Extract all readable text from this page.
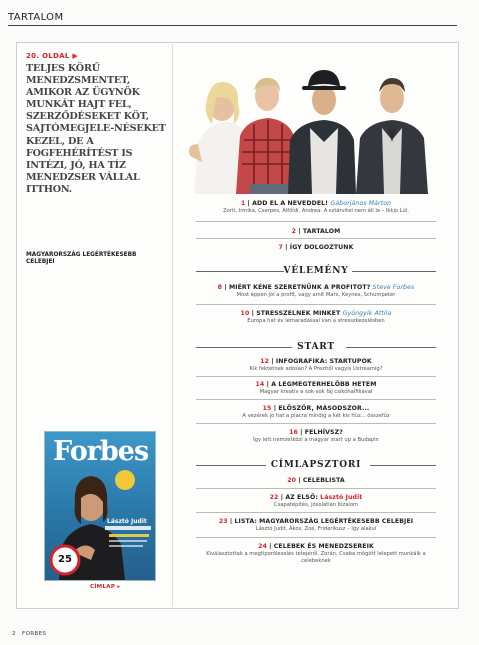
TARTALOM
20. OLDAL ▶
TELJES KÖRŰ MENEDZSMENTET, AMIKOR AZ ÜGYNÖK MUNKÁT HAJT FEL, SZERZŐDÉSEKET KÖT, SAJTÓMEGJELE-NÉSEKET KEZEL, DE A FOGFEHÉRÍTÉST IS INTÉZI, JÓ, HA TÍZ MENEDZSER VÁLLAL ITTHON.
MAGYARORSZÁG LEGÉRTÉKESEBB CELEBJEI
Forbes
Lásztó Judit
25
CÍMLAP ▸
1 | ADD EL A NEVEDDEL! Gáborjános Márton
Zorit, Irmika, Cserpes, Alföldi, Andrea: A sztárvitel nem áll le – Ikkjo Lúl.
2 | TARTALOM
7 | ÍGY DOLGOZTUNK
VÉLEMÉNY
8 | MIÉRT KÉNE SZERETNÜNK A PROFITOT? Steve Forbes
Most éppen jól a profit, vagy amit Marx, Keynes, Schumpeter
10 | STRESSZELNEK MINKET Gyöngyik Attila
Európa hat év lemaradással van a stresszkezelésben
START
12 | INFOGRAFIKA: STARTUPOK
Kik fektetnek adósan? A Prezitől vagyis Ustreamig?
14 | A LEGMEGTERHELŐBB HETEM
Magyar kreatív a sok-sok fáj csikóhalfiliával
15 | ELŐSZÖR, MÁSODSZOR...
A vezérek jó hat a piacra mindig a két kis húz... összefűz
16 | FELHÍVSZ?
Így lett nemzetközi a magyar start up a Budapin
CÍMLAPSZTORI
20 | CELEBLISTA
22 | AZ ELSŐ: Lásztó Judit
Csapatépítés, jósolatlan bizalom
23 | LISTA: MAGYARORSZÁG LEGÉRTÉKESEBB CELEBJEI
Lásztó Judit, Ákos, Zoé, Friderikusz – így alakul
24 | CELEBEK ÉS MENEDZSEREIK
Kiválasztottak a megtiporóleselés tetejéről, Zorán, Csaba mögött lelepett munkáik a celebeknek
2 FORBES
